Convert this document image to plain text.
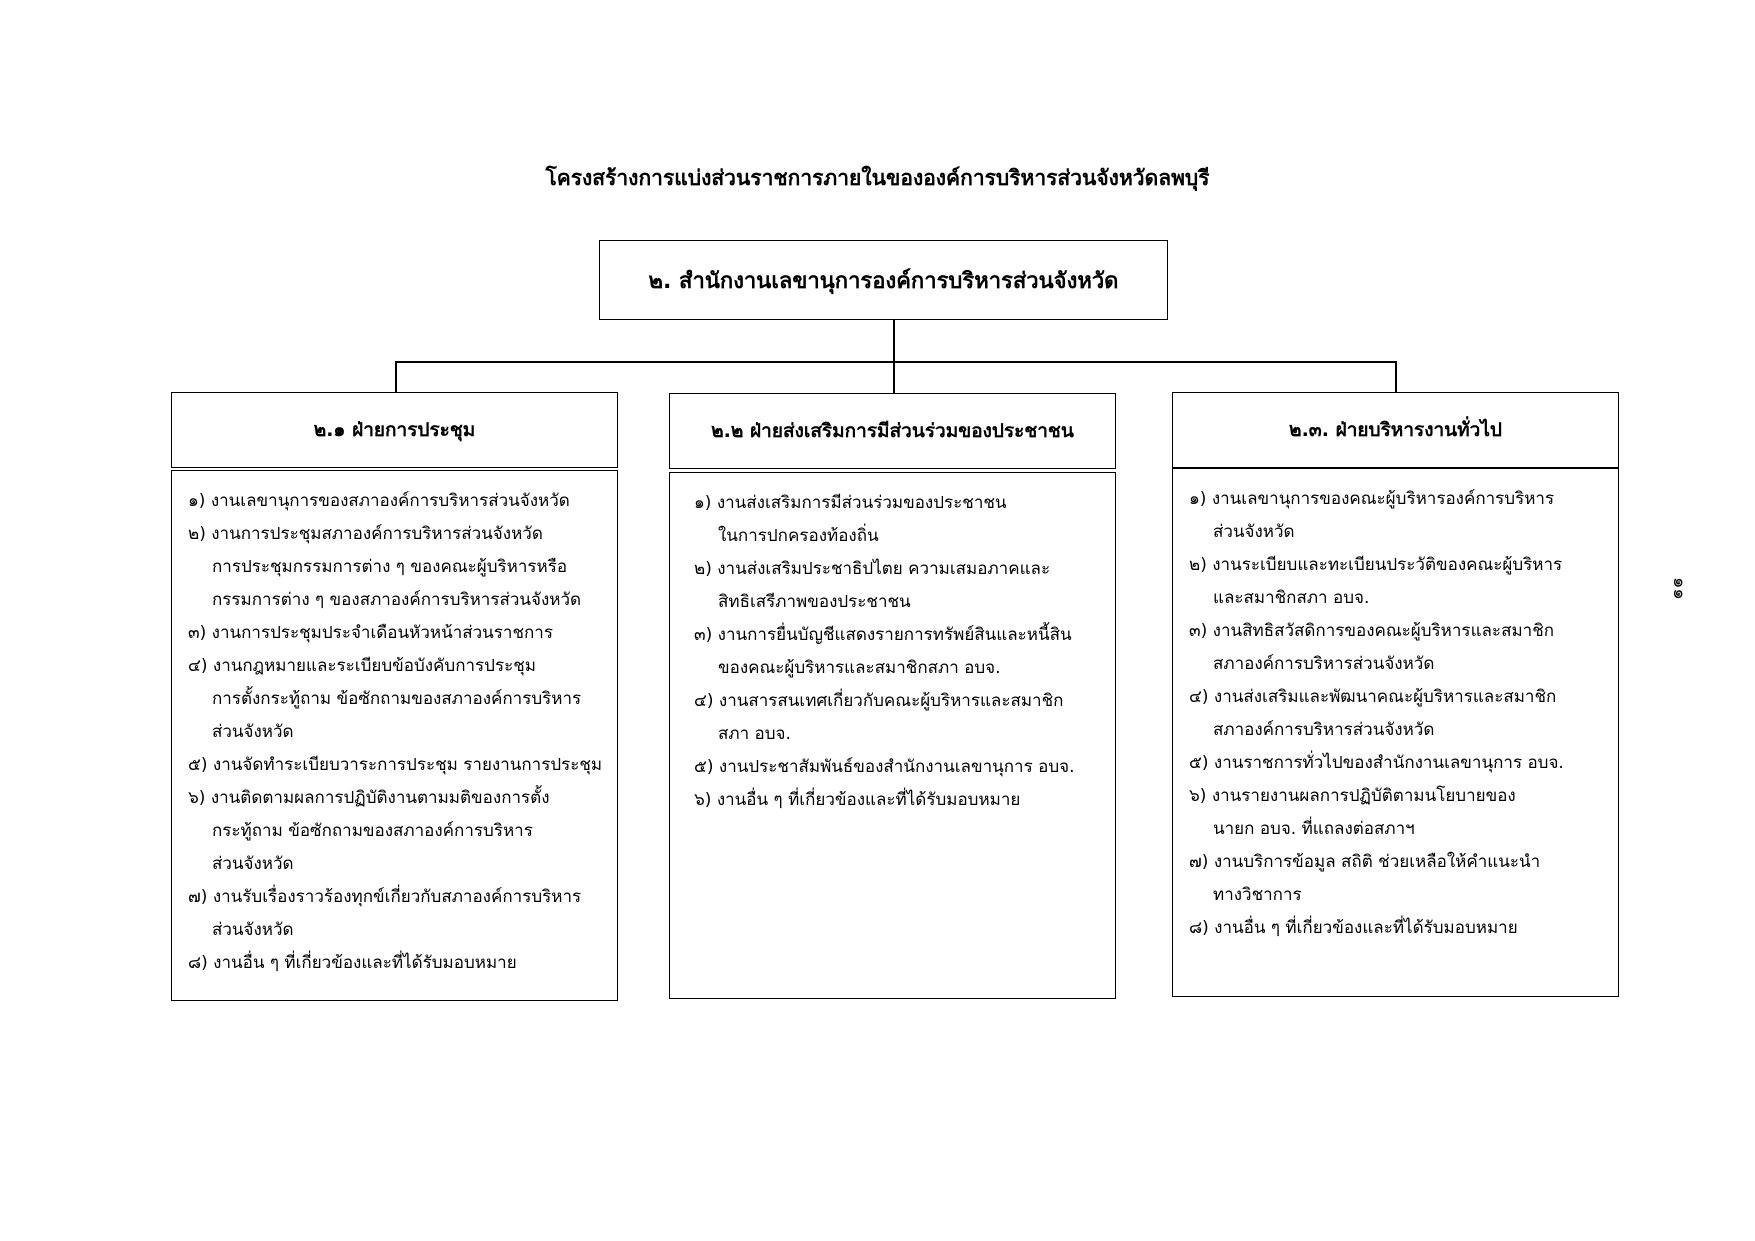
โครงสร้างการแบ่งส่วนราชการภายในขององค์การบริหารส่วนจังหวัดลพบุรี
๒. สำนักงานเลขานุการองค์การบริหารส่วนจังหวัด
๒.๑ ฝ่ายการประชุม
๑) งานเลขานุการของสภาองค์การบริหารส่วนจังหวัด
๒) งานการประชุมสภาองค์การบริหารส่วนจังหวัด
การประชุมกรรมการต่าง ๆ ของคณะผู้บริหารหรือ
กรรมการต่าง ๆ ของสภาองค์การบริหารส่วนจังหวัด
๓) งานการประชุมประจำเดือนหัวหน้าส่วนราชการ
๔) งานกฎหมายและระเบียบข้อบังคับการประชุม
การตั้งกระทู้ถาม ข้อซักถามของสภาองค์การบริหาร
ส่วนจังหวัด
๕) งานจัดทำระเบียบวาระการประชุม รายงานการประชุม
๖) งานติดตามผลการปฏิบัติงานตามมติของการตั้ง
กระทู้ถาม ข้อซักถามของสภาองค์การบริหาร
ส่วนจังหวัด
๗) งานรับเรื่องราวร้องทุกข์เกี่ยวกับสภาองค์การบริหาร
ส่วนจังหวัด
๘) งานอื่น ๆ ที่เกี่ยวข้องและที่ได้รับมอบหมาย
๒.๒ ฝ่ายส่งเสริมการมีส่วนร่วมของประชาชน
๑) งานส่งเสริมการมีส่วนร่วมของประชาชน
ในการปกครองท้องถิ่น
๒) งานส่งเสริมประชาธิปไตย ความเสมอภาคและ
สิทธิเสรีภาพของประชาชน
๓) งานการยื่นบัญชีแสดงรายการทรัพย์สินและหนี้สิน
ของคณะผู้บริหารและสมาชิกสภา อบจ.
๔) งานสารสนเทศเกี่ยวกับคณะผู้บริหารและสมาชิก
สภา อบจ.
๕) งานประชาสัมพันธ์ของสำนักงานเลขานุการ อบจ.
๖) งานอื่น ๆ ที่เกี่ยวข้องและที่ได้รับมอบหมาย
๒.๓. ฝ่ายบริหารงานทั่วไป
๑) งานเลขานุการของคณะผู้บริหารองค์การบริหาร
ส่วนจังหวัด
๒) งานระเบียบและทะเบียนประวัติของคณะผู้บริหาร
และสมาชิกสภา อบจ.
๓) งานสิทธิสวัสดิการของคณะผู้บริหารและสมาชิก
สภาองค์การบริหารส่วนจังหวัด
๔) งานส่งเสริมและพัฒนาคณะผู้บริหารและสมาชิก
สภาองค์การบริหารส่วนจังหวัด
๕) งานราชการทั่วไปของสำนักงานเลขานุการ อบจ.
๖) งานรายงานผลการปฏิบัติตามนโยบายของ
นายก อบจ. ที่แถลงต่อสภาฯ
๗) งานบริการข้อมูล สถิติ ช่วยเหลือให้คำแนะนำ
ทางวิชาการ
๘) งานอื่น ๆ ที่เกี่ยวข้องและที่ได้รับมอบหมาย
๑๑
